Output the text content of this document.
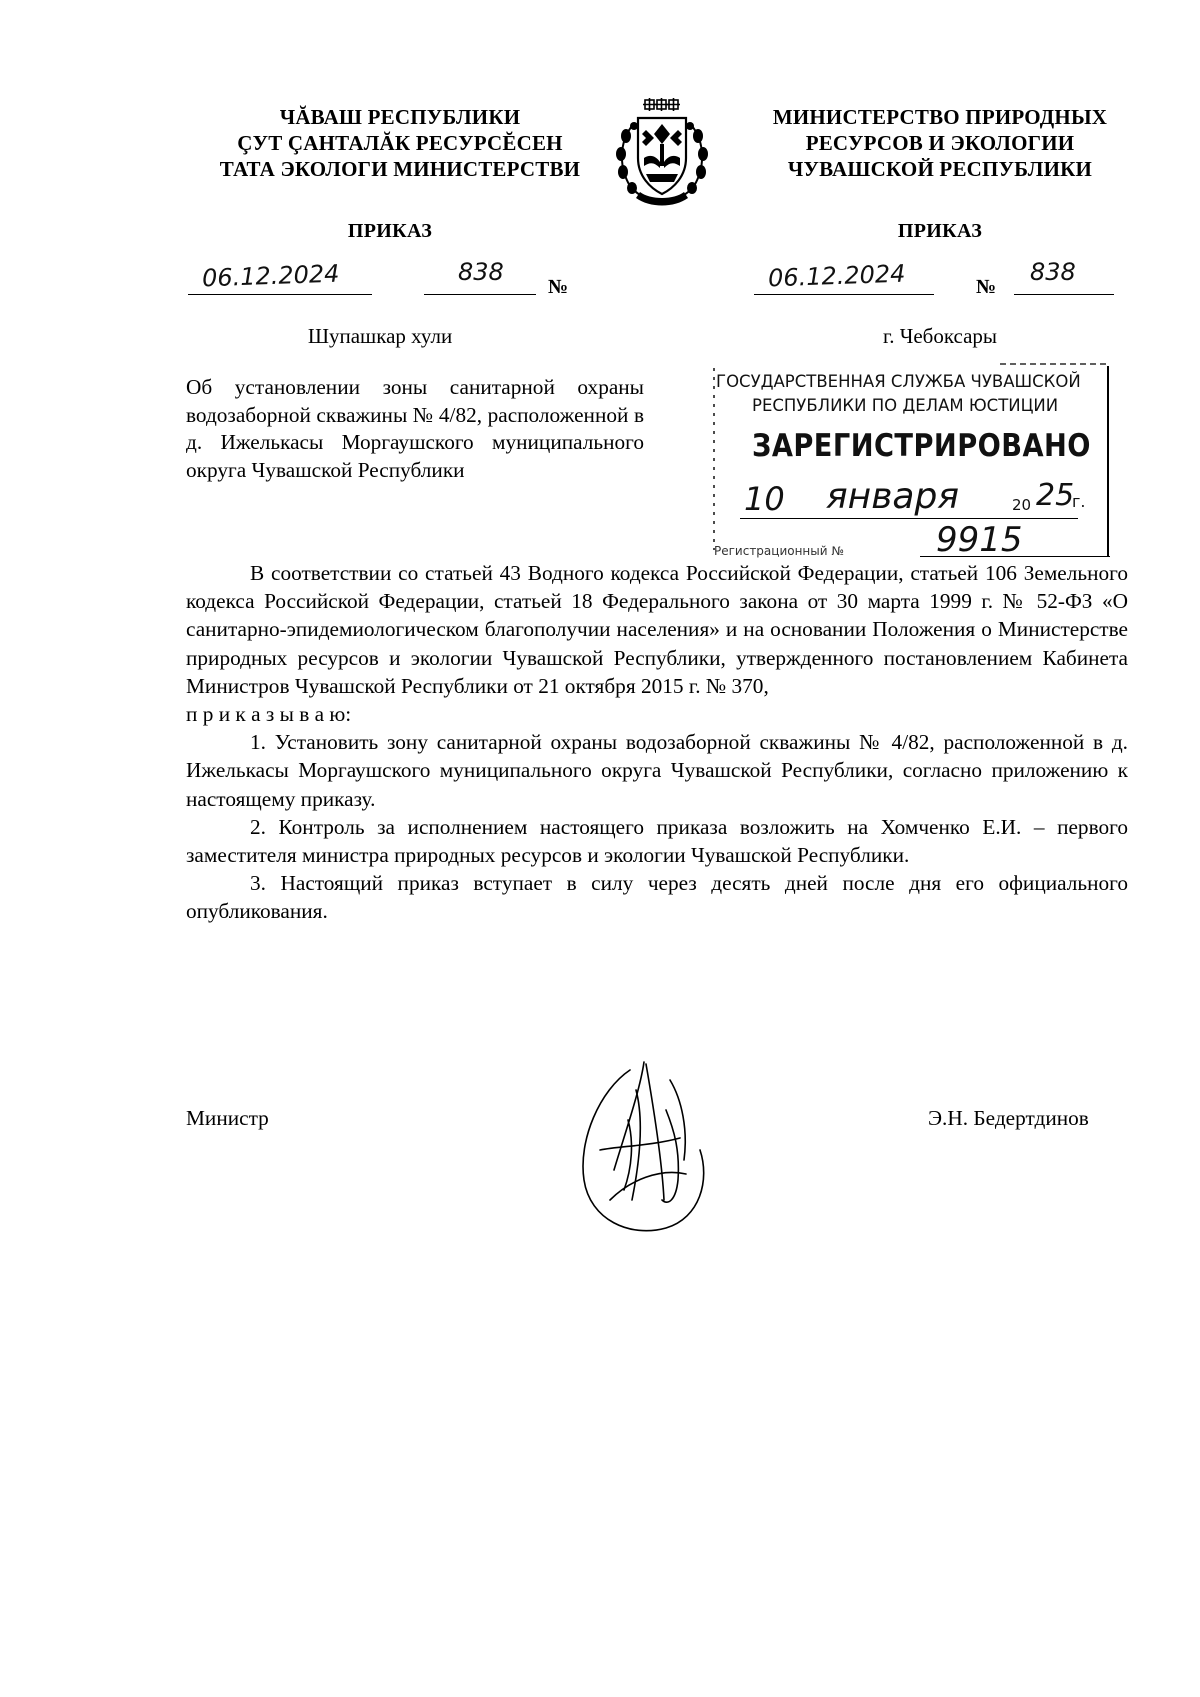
ЧĂВАШ РЕСПУБЛИКИ
ÇУТ ÇАНТАЛĂК РЕСУРСĔСЕН
ТАТА ЭКОЛОГИ МИНИСТЕРСТВИ
МИНИСТЕРСТВО ПРИРОДНЫХ
РЕСУРСОВ И ЭКОЛОГИИ
ЧУВАШСКОЙ РЕСПУБЛИКИ
ПРИКАЗ	ПРИКАЗ
06.12.2024	838
№	06.12.2024	№
838
Шупашкар хули	г. Чебоксары
Об установлении зоны санитарной охраны водозаборной скважины № 4/82, расположенной в д. Ижелькасы Моргаушского муниципального округа Чувашской Республики
ГОСУДАРСТВЕННАЯ СЛУЖБА ЧУВАШСКОЙ
РЕСПУБЛИКИ ПО ДЕЛАМ ЮСТИЦИИ
ЗАРЕГИСТРИРОВАНО
10 января	20 25
г.
Регистрационный №	9915

В соответствии со статьей 43 Водного кодекса Российской Федерации, статьей 106 Земельного кодекса Российской Федерации, статьей 18 Федерального закона от 30 марта 1999 г. № 52-ФЗ «О санитарно-эпидемиологическом благополучии населения» и на основании Положения о Министерстве природных ресурсов и экологии Чувашской Республики, утвержденного постановлением Кабинета Министров Чувашской Республики от 21 октября 2015 г. № 370,

п р и к а з ы в а ю:

1. Установить зону санитарной охраны водозаборной скважины № 4/82, расположенной в д. Ижелькасы Моргаушского муниципального округа Чувашской Республики, согласно приложению к настоящему приказу.

2. Контроль за исполнением настоящего приказа возложить на Хомченко Е.И. – первого заместителя министра природных ресурсов и экологии Чувашской Республики.

3. Настоящий приказ вступает в силу через десять дней после дня его официального опубликования.

Министр	Э.Н. Бедертдинов
